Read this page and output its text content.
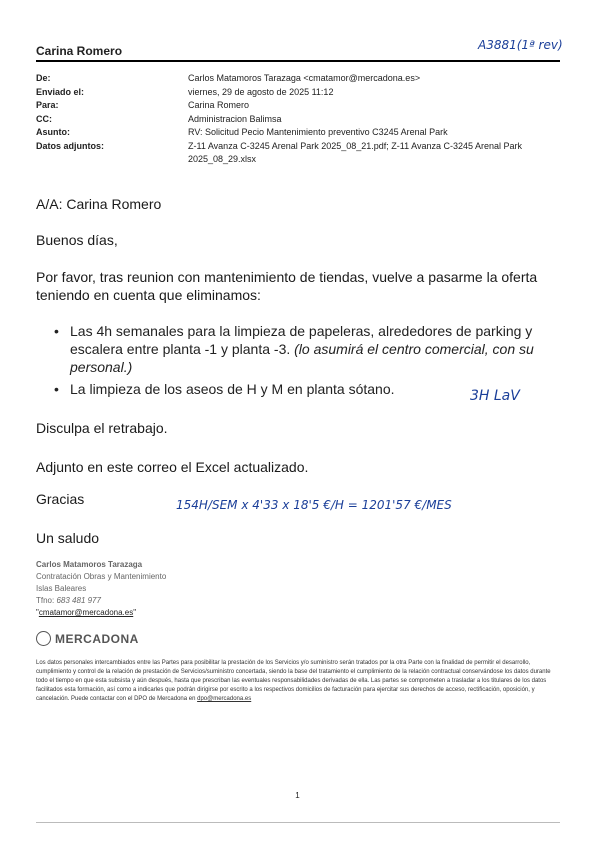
Carina Romero	A3881(1ª rev)
De:	Carlos Matamoros Tarazaga <cmatamor@mercadona.es>
Enviado el:	viernes, 29 de agosto de 2025 11:12
Para:	Carina Romero
CC:	Administracion Balimsa
Asunto:	RV: Solicitud Pecio Mantenimiento preventivo C3245 Arenal Park
Datos adjuntos:	Z-11 Avanza C-3245 Arenal Park 2025_08_21.pdf; Z-11 Avanza C-3245 Arenal Park 2025_08_29.xlsx
A/A: Carina Romero
Buenos días,
Por favor, tras reunion con mantenimiento de tiendas, vuelve a pasarme la oferta teniendo en cuenta que eliminamos:
• Las 4h semanales para la limpieza de papeleras, alrededores de parking y escalera entre planta -1 y planta -3. (lo asumirá el centro comercial, con su personal.)
• La limpieza de los aseos de H y M en planta sótano.	3H LaV
Disculpa el retrabajo.
Adjunto en este correo el Excel actualizado.
Gracias	154H/SEM x 4'33 x 18'5 €/H = 1201'57 €/MES
Un saludo
Carlos Matamoros Tarazaga
Contratación Obras y Mantenimiento
Islas Baleares
Tfno: 683 481 977
"cmatamor@mercadona.es"
MERCADONA
Los datos personales intercambiados entre las Partes para posibilitar la prestación de los Servicios y/o suministro serán tratados por la otra Parte con la finalidad de permitir el desarrollo, cumplimiento y control de la relación de prestación de Servicios/suministro concertada, siendo la base del tratamiento el cumplimiento de la relación contractual conservándose los datos durante todo el tiempo en que esta subsista y aún después, hasta que prescriban las eventuales responsabilidades derivadas de ella. Las partes se comprometen a trasladar a los titulares de los datos facilitados esta formación, así como a indicarles que podrán dirigirse por escrito a los respectivos domicilios de facturación para ejercitar sus derechos de acceso, rectificación, oposición, y cancelación. Puede contactar con el DPO de Mercadona en dpo@mercadona.es
1
